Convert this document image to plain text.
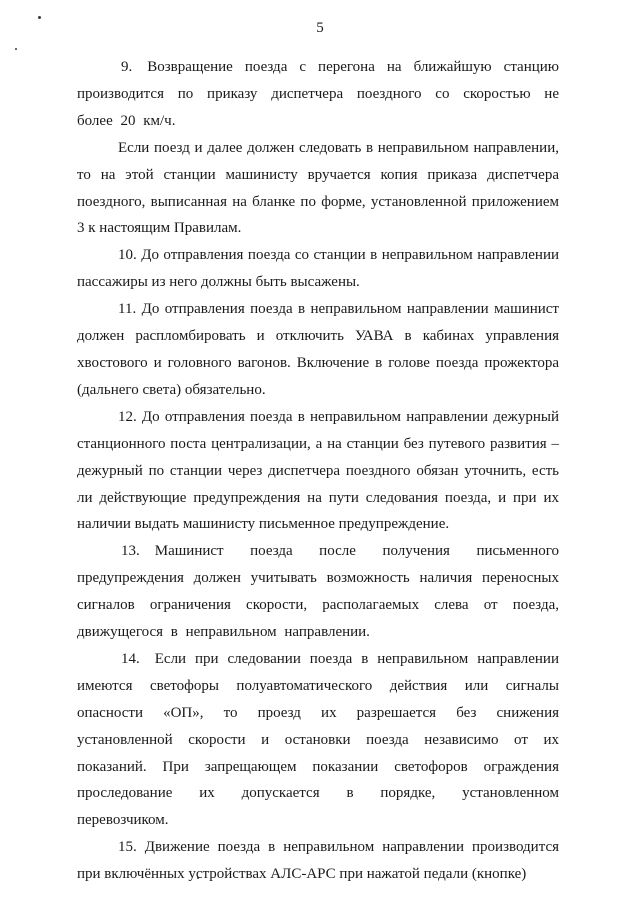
5

9. Возвращение поезда с перегона на ближайшую станцию производится по приказу диспетчера поездного со скоростью не более 20 км/ч.

Если поезд и далее должен следовать в неправильном направлении, то на этой станции машинисту вручается копия приказа диспетчера поездного, выписанная на бланке по форме, установленной приложением 3 к настоящим Правилам.

10. До отправления поезда со станции в неправильном направлении пассажиры из него должны быть высажены.

11. До отправления поезда в неправильном направлении машинист должен распломбировать и отключить УАВА в кабинах управления хвостового и головного вагонов. Включение в голове поезда прожектора (дальнего света) обязательно.

12. До отправления поезда в неправильном направлении дежурный станционного поста централизации, а на станции без путевого развития – дежурный по станции через диспетчера поездного обязан уточнить, есть ли действующие предупреждения на пути следования поезда, и при их наличии выдать машинисту письменное предупреждение.

13. Машинист поезда после получения письменного предупреждения должен учитывать возможность наличия переносных сигналов ограничения скорости, располагаемых слева от поезда, движущегося в неправильном направлении.

14. Если при следовании поезда в неправильном направлении имеются светофоры полуавтоматического действия или сигналы опасности «ОП», то проезд их разрешается без снижения установленной скорости и остановки поезда независимо от их показаний. При запрещающем показании светофоров ограждения проследование их допускается в порядке, установленном перевозчиком.

15. Движение поезда в неправильном направлении производится при включённых устройствах АЛС-АРС при нажатой педали (кнопке)
